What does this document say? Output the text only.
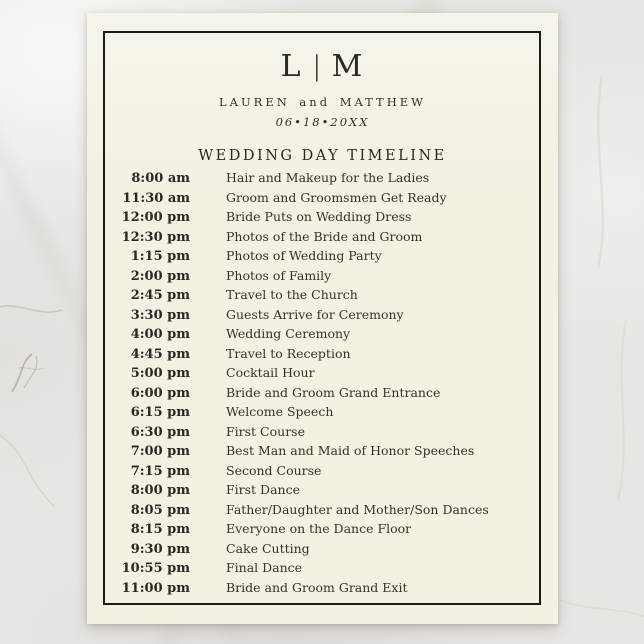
L | M
LAUREN and MATTHEW
06•18•20XX
WEDDING DAY TIMELINE
8:00 am	Hair and Makeup for the Ladies
11:30 am	Groom and Groomsmen Get Ready
12:00 pm	Bride Puts on Wedding Dress
12:30 pm	Photos of the Bride and Groom
1:15 pm	Photos of Wedding Party
2:00 pm	Photos of Family
2:45 pm	Travel to the Church
3:30 pm	Guests Arrive for Ceremony
4:00 pm	Wedding Ceremony
4:45 pm	Travel to Reception
5:00 pm	Cocktail Hour
6:00 pm	Bride and Groom Grand Entrance
6:15 pm	Welcome Speech
6:30 pm	First Course
7:00 pm	Best Man and Maid of Honor Speeches
7:15 pm	Second Course
8:00 pm	First Dance
8:05 pm	Father/Daughter and Mother/Son Dances
8:15 pm	Everyone on the Dance Floor
9:30 pm	Cake Cutting
10:55 pm	Final Dance
11:00 pm	Bride and Groom Grand Exit
